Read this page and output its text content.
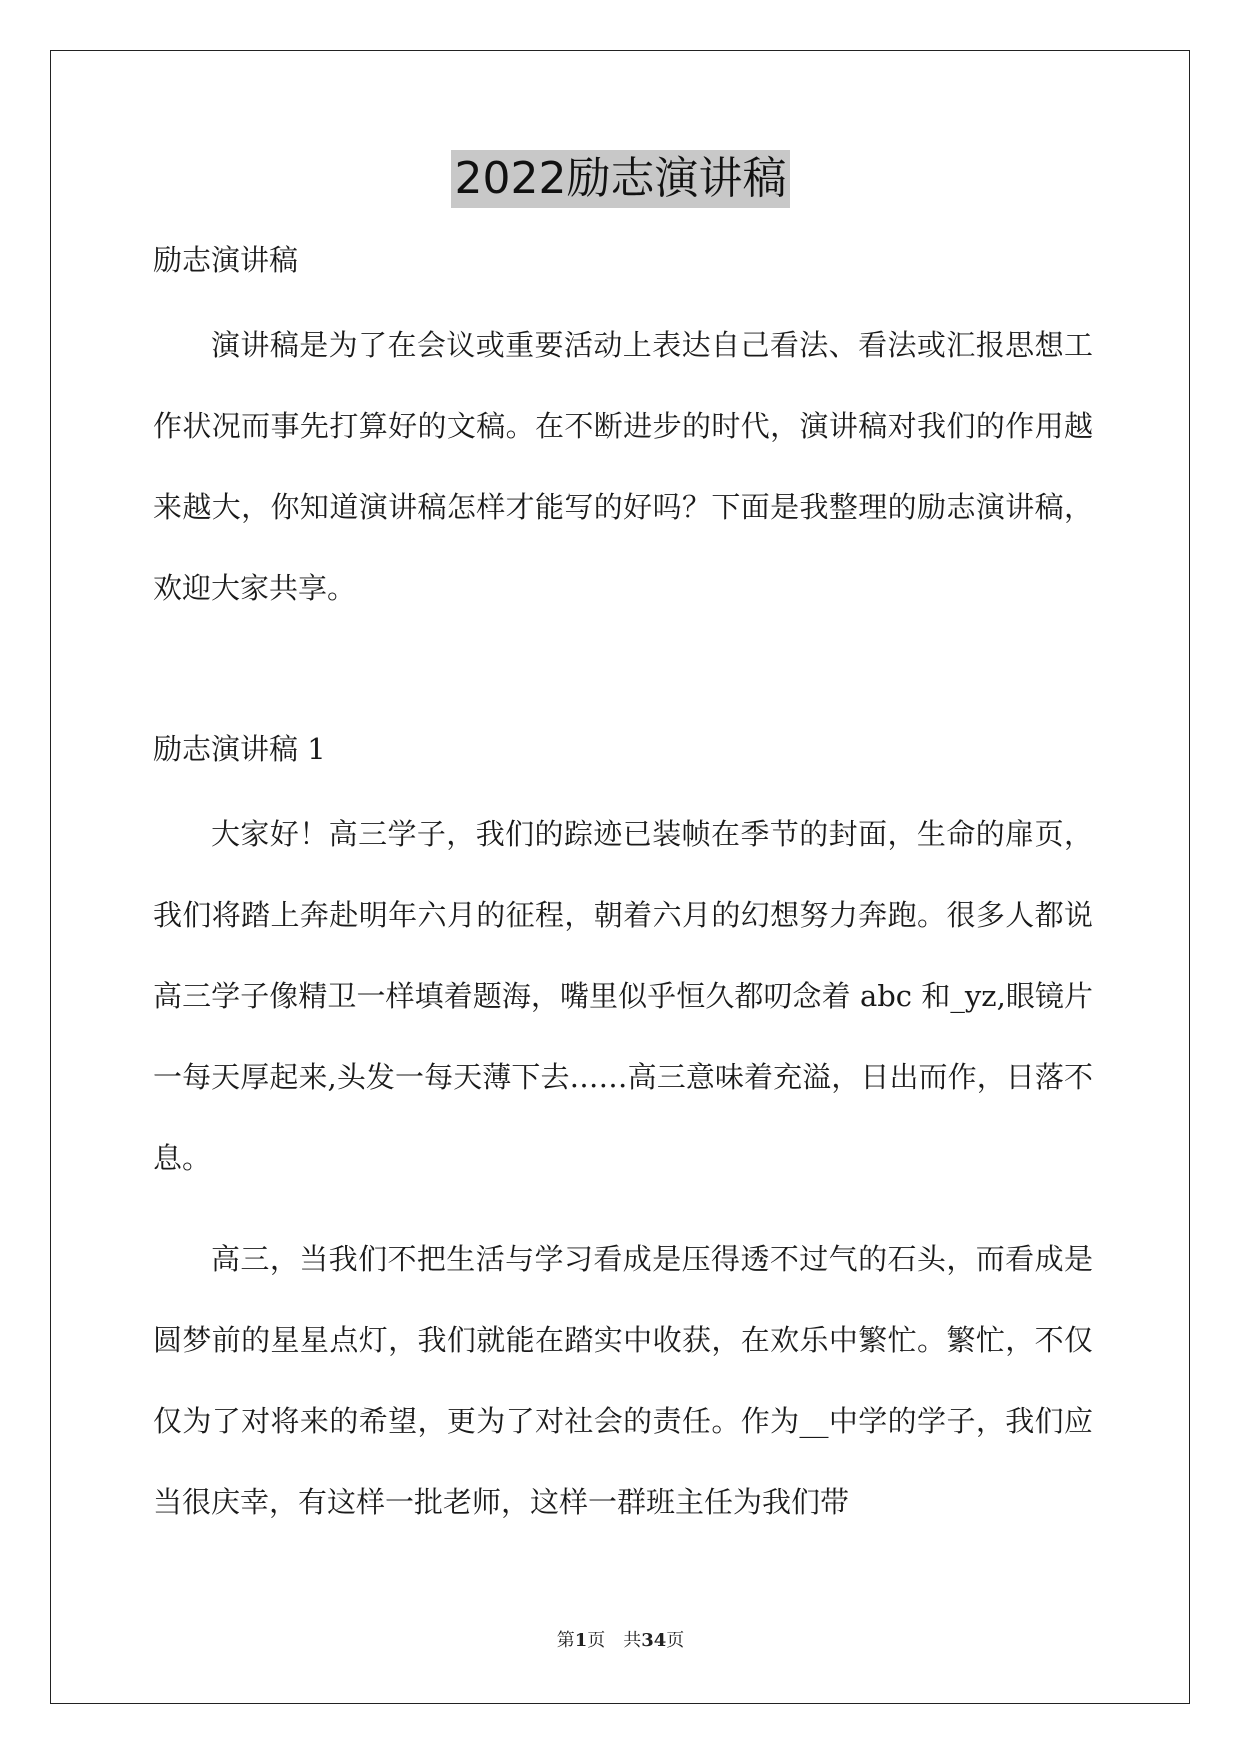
2022励志演讲稿
励志演讲稿

演讲稿是为了在会议或重要活动上表达自己看法、看法或汇报思想工作状况而事先打算好的文稿。在不断进步的时代，演讲稿对我们的作用越来越大，你知道演讲稿怎样才能写的好吗？下面是我整理的励志演讲稿，欢迎大家共享。

励志演讲稿 1

大家好！高三学子，我们的踪迹已装帧在季节的封面，生命的扉页，我们将踏上奔赴明年六月的征程，朝着六月的幻想努力奔跑。很多人都说高三学子像精卫一样填着题海，嘴里似乎恒久都叨念着 abc 和_yz,眼镜片一每天厚起来,头发一每天薄下去……高三意味着充溢，日出而作，日落不息。

高三，当我们不把生活与学习看成是压得透不过气的石头，而看成是圆梦前的星星点灯，我们就能在踏实中收获，在欢乐中繁忙。繁忙，不仅仅为了对将来的希望，更为了对社会的责任。作为__中学的学子，我们应当很庆幸，有这样一批老师，这样一群班主任为我们带

第1页　共34页
